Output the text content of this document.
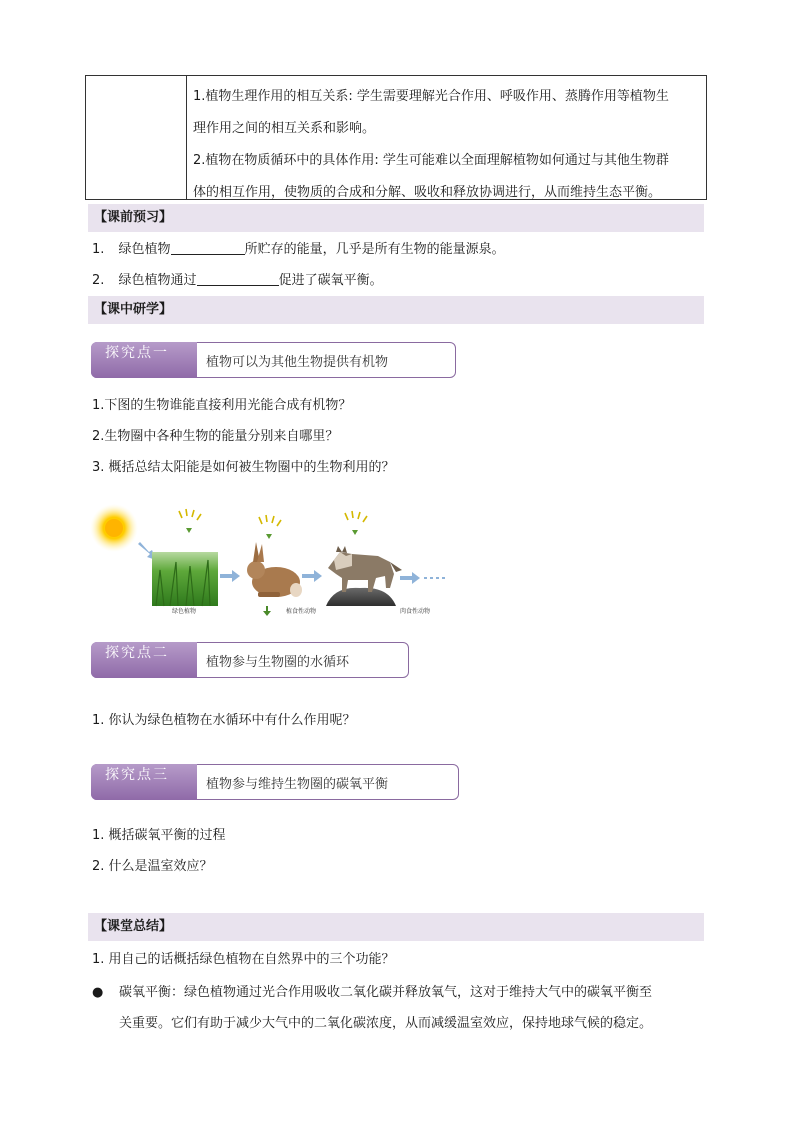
1.植物生理作用的相互关系: 学生需要理解光合作用、呼吸作用、蒸腾作用等植物生

理作用之间的相互关系和影响。

2.植物在物质循环中的具体作用: 学生可能难以全面理解植物如何通过与其他生物群

体的相互作用，使物质的合成和分解、吸收和释放协调进行，从而维持生态平衡。

【课前预习】
1. 绿色植物	所贮存的能量，几乎是所有生物的能量源泉。
2. 绿色植物通过	促进了碳氧平衡。
【课中研学】
探究点一
植物可以为其他生物提供有机物
1.下图的生物谁能直接利用光能合成有机物？
2.生物圈中各种生物的能量分别来自哪里？
3. 概括总结太阳能是如何被生物圈中的生物利用的？
绿色植物	植食性动物	肉食性动物
探究点二
植物参与生物圈的水循环
1. 你认为绿色植物在水循环中有什么作用呢？
探究点三
植物参与维持生物圈的碳氧平衡
1. 概括碳氧平衡的过程
2. 什么是温室效应？
【课堂总结】
1. 用自己的话概括绿色植物在自然界中的三个功能？
● 碳氧平衡：绿色植物通过光合作用吸收二氧化碳并释放氧气，这对于维持大气中的碳氧平衡至
关重要。它们有助于减少大气中的二氧化碳浓度，从而减缓温室效应，保持地球气候的稳定。
